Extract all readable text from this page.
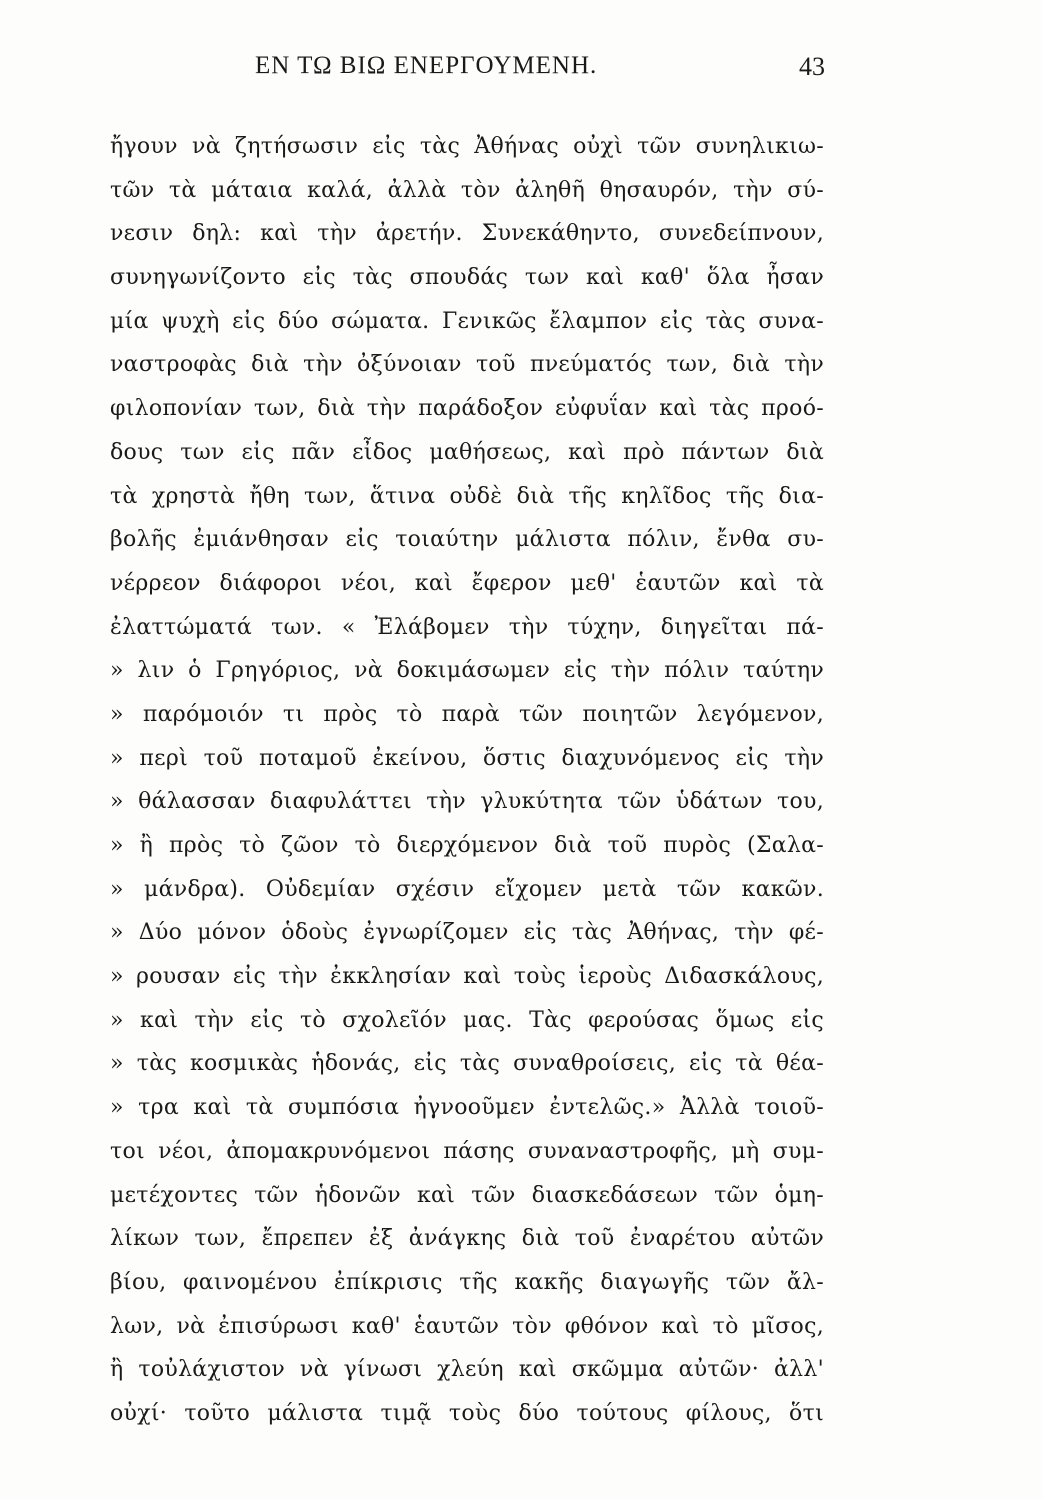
ΕΝ ΤΩ ΒΙΩ ΕΝΕΡΓΟΥΜΕΝΗ.	43
ἤγουν νὰ ζητήσωσιν εἰς τὰς Ἀθήνας οὐχὶ τῶν συνηλικιω-
τῶν τὰ μάταια καλά, ἀλλὰ τὸν ἀληθῆ θησαυρόν, τὴν σύ-
νεσιν δηλ: καὶ τὴν ἀρετήν. Συνεκάθηντο, συνεδείπνουν,
συνηγωνίζοντο εἰς τὰς σπουδάς των καὶ καθ' ὅλα ἦσαν
μία ψυχὴ εἰς δύο σώματα. Γενικῶς ἔλαμπον εἰς τὰς συνα-
ναστροφὰς διὰ τὴν ὀξύνοιαν τοῦ πνεύματός των, διὰ τὴν
φιλοπονίαν των, διὰ τὴν παράδοξον εὐφυΐαν καὶ τὰς προό-
δους των εἰς πᾶν εἶδος μαθήσεως, καὶ πρὸ πάντων διὰ
τὰ χρηστὰ ἤθη των, ἅτινα οὐδὲ διὰ τῆς κηλῖδος τῆς δια-
βολῆς ἐμιάνθησαν εἰς τοιαύτην μάλιστα πόλιν, ἔνθα συ-
νέρρεον διάφοροι νέοι, καὶ ἔφερον μεθ' ἑαυτῶν καὶ τὰ
ἐλαττώματά των. « Ἐλάβομεν τὴν τύχην, διηγεῖται πά-
» λιν ὁ Γρηγόριος, νὰ δοκιμάσωμεν εἰς τὴν πόλιν ταύτην
» παρόμοιόν τι πρὸς τὸ παρὰ τῶν ποιητῶν λεγόμενον,
» περὶ τοῦ ποταμοῦ ἐκείνου, ὅστις διαχυνόμενος εἰς τὴν
» θάλασσαν διαφυλάττει τὴν γλυκύτητα τῶν ὑδάτων του,
» ἢ πρὸς τὸ ζῶον τὸ διερχόμενον διὰ τοῦ πυρὸς (Σαλα-
» μάνδρα). Οὐδεμίαν σχέσιν εἴχομεν μετὰ τῶν κακῶν.
» Δύο μόνον ὁδοὺς ἐγνωρίζομεν εἰς τὰς Ἀθήνας, τὴν φέ-
» ρουσαν εἰς τὴν ἐκκλησίαν καὶ τοὺς ἱεροὺς Διδασκάλους,
» καὶ τὴν εἰς τὸ σχολεῖόν μας. Τὰς φερούσας ὅμως εἰς
» τὰς κοσμικὰς ἡδονάς, εἰς τὰς συναθροίσεις, εἰς τὰ θέα-
» τρα καὶ τὰ συμπόσια ἠγνοοῦμεν ἐντελῶς.» Ἀλλὰ τοιοῦ-
τοι νέοι, ἀπομακρυνόμενοι πάσης συναναστροφῆς, μὴ συμ-
μετέχοντες τῶν ἡδονῶν καὶ τῶν διασκεδάσεων τῶν ὁμη-
λίκων των, ἔπρεπεν ἐξ ἀνάγκης διὰ τοῦ ἐναρέτου αὐτῶν
βίου, φαινομένου ἐπίκρισις τῆς κακῆς διαγωγῆς τῶν ἄλ-
λων, νὰ ἐπισύρωσι καθ' ἑαυτῶν τὸν φθόνον καὶ τὸ μῖσος,
ἢ τοὐλάχιστον νὰ γίνωσι χλεύη καὶ σκῶμμα αὐτῶν· ἀλλ'
οὐχί· τοῦτο μάλιστα τιμᾷ τοὺς δύο τούτους φίλους, ὅτι
